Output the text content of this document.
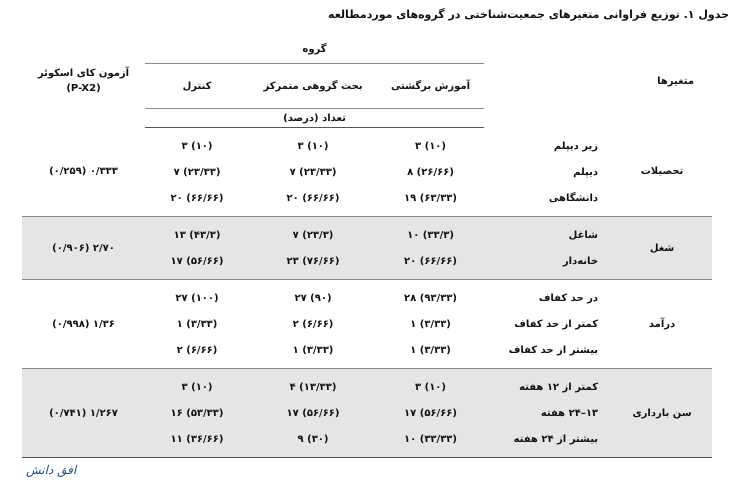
جدول ۱. توزیع فراوانی متغیرهای جمعیت‌شناختی در گروه‌های موردمطالعه
متغیرها		گروه			آزمون کای اسکوئر
(P-X2)
		آموزش برگشتی	بحث گروهی متمرکز	کنترل	
		تعداد (درصد)			
تحصیلات					۰/۳۳۳ (۰/۲۵۹)
	زیر دیپلم	(۱۰) ۳	(۱۰) ۳	(۱۰) ۳	
	دیپلم	(۲۶/۶۶) ۸	(۲۳/۳۳) ۷	(۲۳/۳۳) ۷	
	دانشگاهی	(۶۳/۳۳) ۱۹	(۶۶/۶۶) ۲۰	(۶۶/۶۶) ۲۰	

شغل					۲/۷۰ (۰/۹۰۶)
	شاغل	(۳۳/۳) ۱۰	(۲۳/۳) ۷	(۴۳/۳) ۱۳	
	خانه‌دار	(۶۶/۶۶) ۲۰	(۷۶/۶۶) ۲۳	(۵۶/۶۶) ۱۷	

درآمد					۱/۳۶ (۰/۹۹۸)
	در حد کفاف	(۹۳/۳۳) ۲۸	(۹۰) ۲۷	(۱۰۰) ۲۷	
	کمتر از حد کفاف	(۳/۳۳) ۱	(۶/۶۶) ۲	(۳/۳۳) ۱	
	بیشتر از حد کفاف	(۳/۳۳) ۱	(۳/۳۳) ۱	(۶/۶۶) ۲	

سن بارداری					۱/۲۶۷ (۰/۷۴۱)
	کمتر از ۱۲ هفته	(۱۰) ۳	(۱۳/۳۳) ۴	(۱۰) ۳	
	۱۳–۲۴ هفته	(۵۶/۶۶) ۱۷	(۵۶/۶۶) ۱۷	(۵۳/۳۳) ۱۶	
	بیشتر از ۲۴ هفته	(۳۳/۳۳) ۱۰	(۳۰) ۹	(۳۶/۶۶) ۱۱	

افق دانش
